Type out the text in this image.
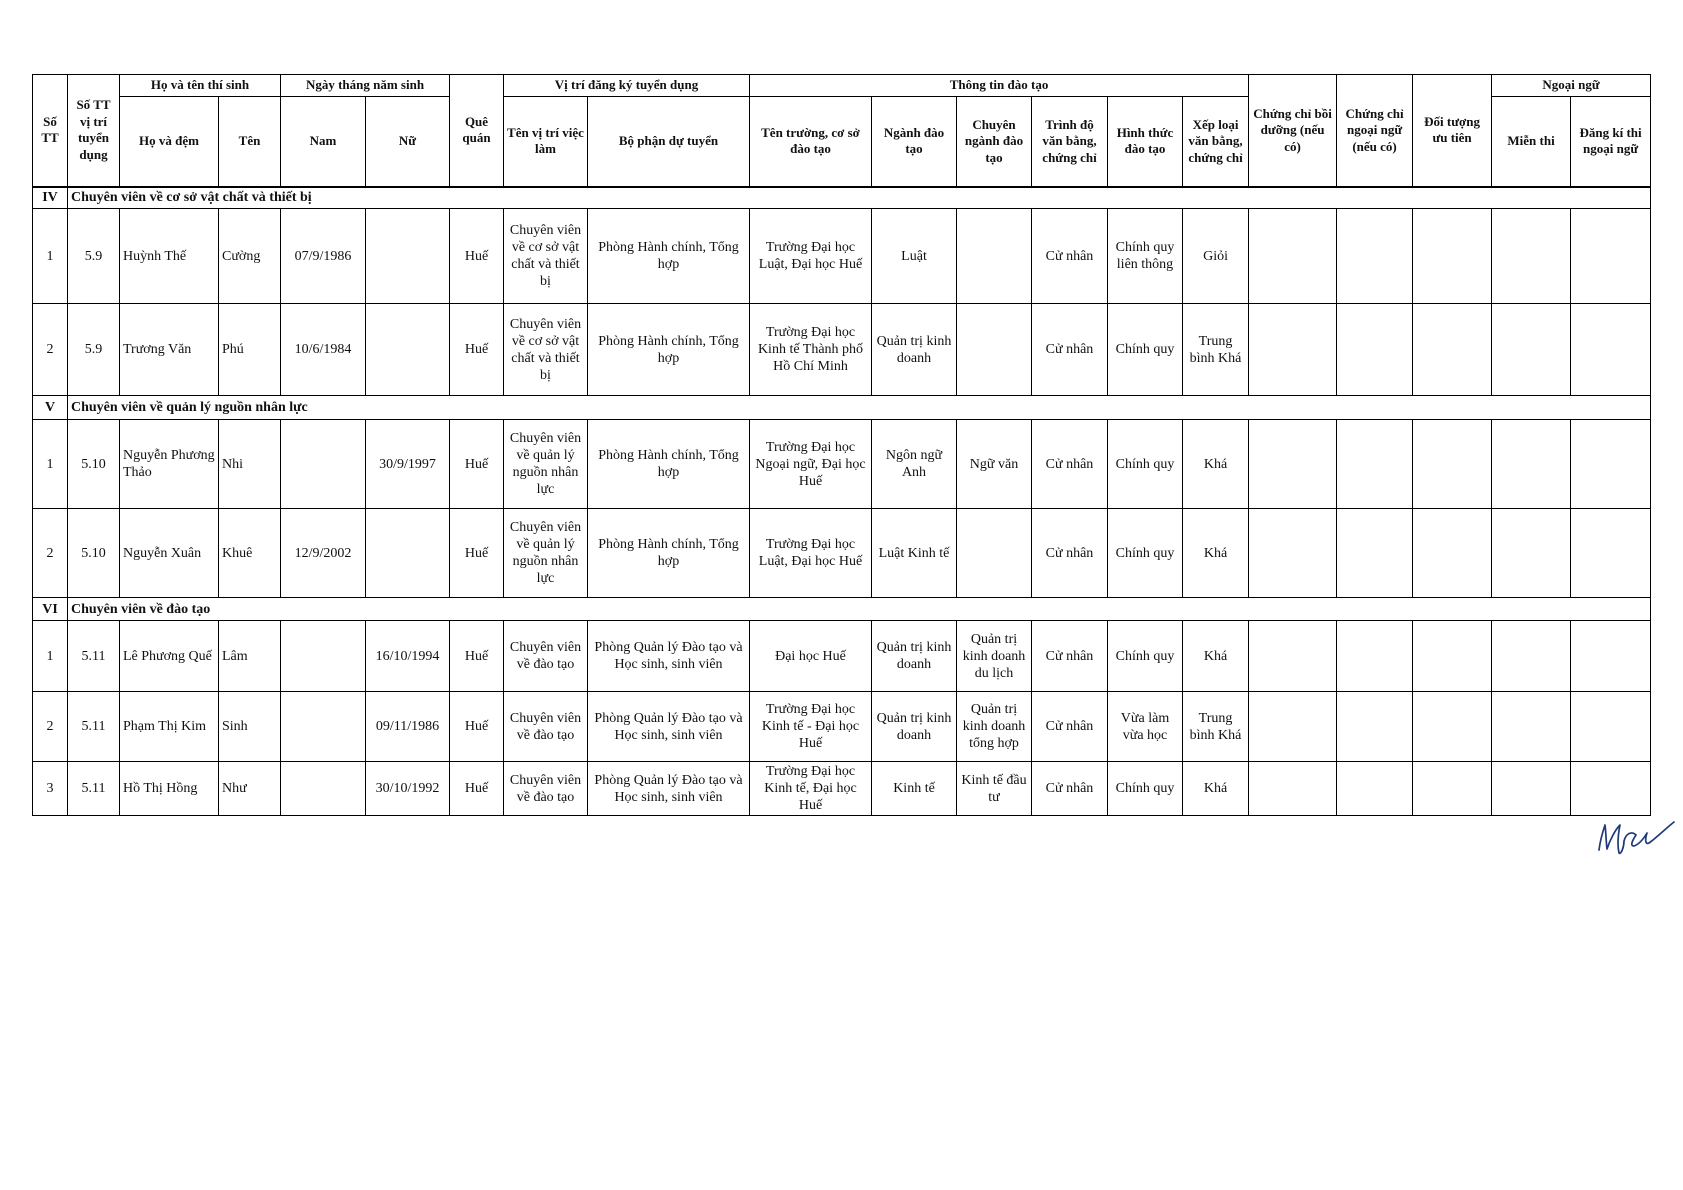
Số TT	Số TT vị trí tuyển dụng	Họ và tên thí sinh		Ngày tháng năm sinh		Quê quán	Vị trí đăng ký tuyển dụng		Thông tin đào tạo						Chứng chỉ bồi dưỡng (nếu có)	Chứng chỉ ngoại ngữ (nếu có)	Đối tượng ưu tiên	Ngoại ngữ	
		Họ và đệm	Tên	Nam	Nữ		Tên vị trí việc làm	Bộ phận dự tuyển	Tên trường, cơ sở đào tạo	Ngành đào tạo	Chuyên ngành đào tạo	Trình độ văn bằng, chứng chỉ	Hình thức đào tạo	Xếp loại văn bằng, chứng chỉ				Miễn thi	Đăng kí thi ngoại ngữ
IV	Chuyên viên về cơ sở vật chất và thiết bị																		
1	5.9	Huỳnh Thế	Cường	07/9/1986		Huế	Chuyên viên về cơ sở vật chất và thiết bị	Phòng Hành chính, Tổng hợp	Trường Đại học Luật, Đại học Huế	Luật		Cử nhân	Chính quy liên thông	Giỏi					
2	5.9	Trương Văn	Phú	10/6/1984		Huế	Chuyên viên về cơ sở vật chất và thiết bị	Phòng Hành chính, Tổng hợp	Trường Đại học Kinh tế Thành phố Hồ Chí Minh	Quản trị kinh doanh		Cử nhân	Chính quy	Trung bình Khá					
V	Chuyên viên về quản lý nguồn nhân lực																		
1	5.10	Nguyễn Phương Thảo	Nhi		30/9/1997	Huế	Chuyên viên về quản lý nguồn nhân lực	Phòng Hành chính, Tổng hợp	Trường Đại học Ngoại ngữ, Đại học Huế	Ngôn ngữ Anh	Ngữ văn	Cử nhân	Chính quy	Khá					
2	5.10	Nguyễn Xuân	Khuê	12/9/2002		Huế	Chuyên viên về quản lý nguồn nhân lực	Phòng Hành chính, Tổng hợp	Trường Đại học Luật, Đại học Huế	Luật Kinh tế		Cử nhân	Chính quy	Khá					
VI	Chuyên viên về đào tạo																		
1	5.11	Lê Phương Quế	Lâm		16/10/1994	Huế	Chuyên viên về đào tạo	Phòng Quản lý Đào tạo và Học sinh, sinh viên	Đại học Huế	Quản trị kinh doanh	Quản trị kinh doanh du lịch	Cử nhân	Chính quy	Khá					
2	5.11	Phạm Thị Kim	Sinh		09/11/1986	Huế	Chuyên viên về đào tạo	Phòng Quản lý Đào tạo và Học sinh, sinh viên	Trường Đại học Kinh tế - Đại học Huế	Quản trị kinh doanh	Quản trị kinh doanh tổng hợp	Cử nhân	Vừa làm vừa học	Trung bình Khá					
3	5.11	Hồ Thị Hồng	Như		30/10/1992	Huế	Chuyên viên về đào tạo	Phòng Quản lý Đào tạo và Học sinh, sinh viên	Trường Đại học Kinh tế, Đại học Huế	Kinh tế	Kinh tế đầu tư	Cử nhân	Chính quy	Khá					
